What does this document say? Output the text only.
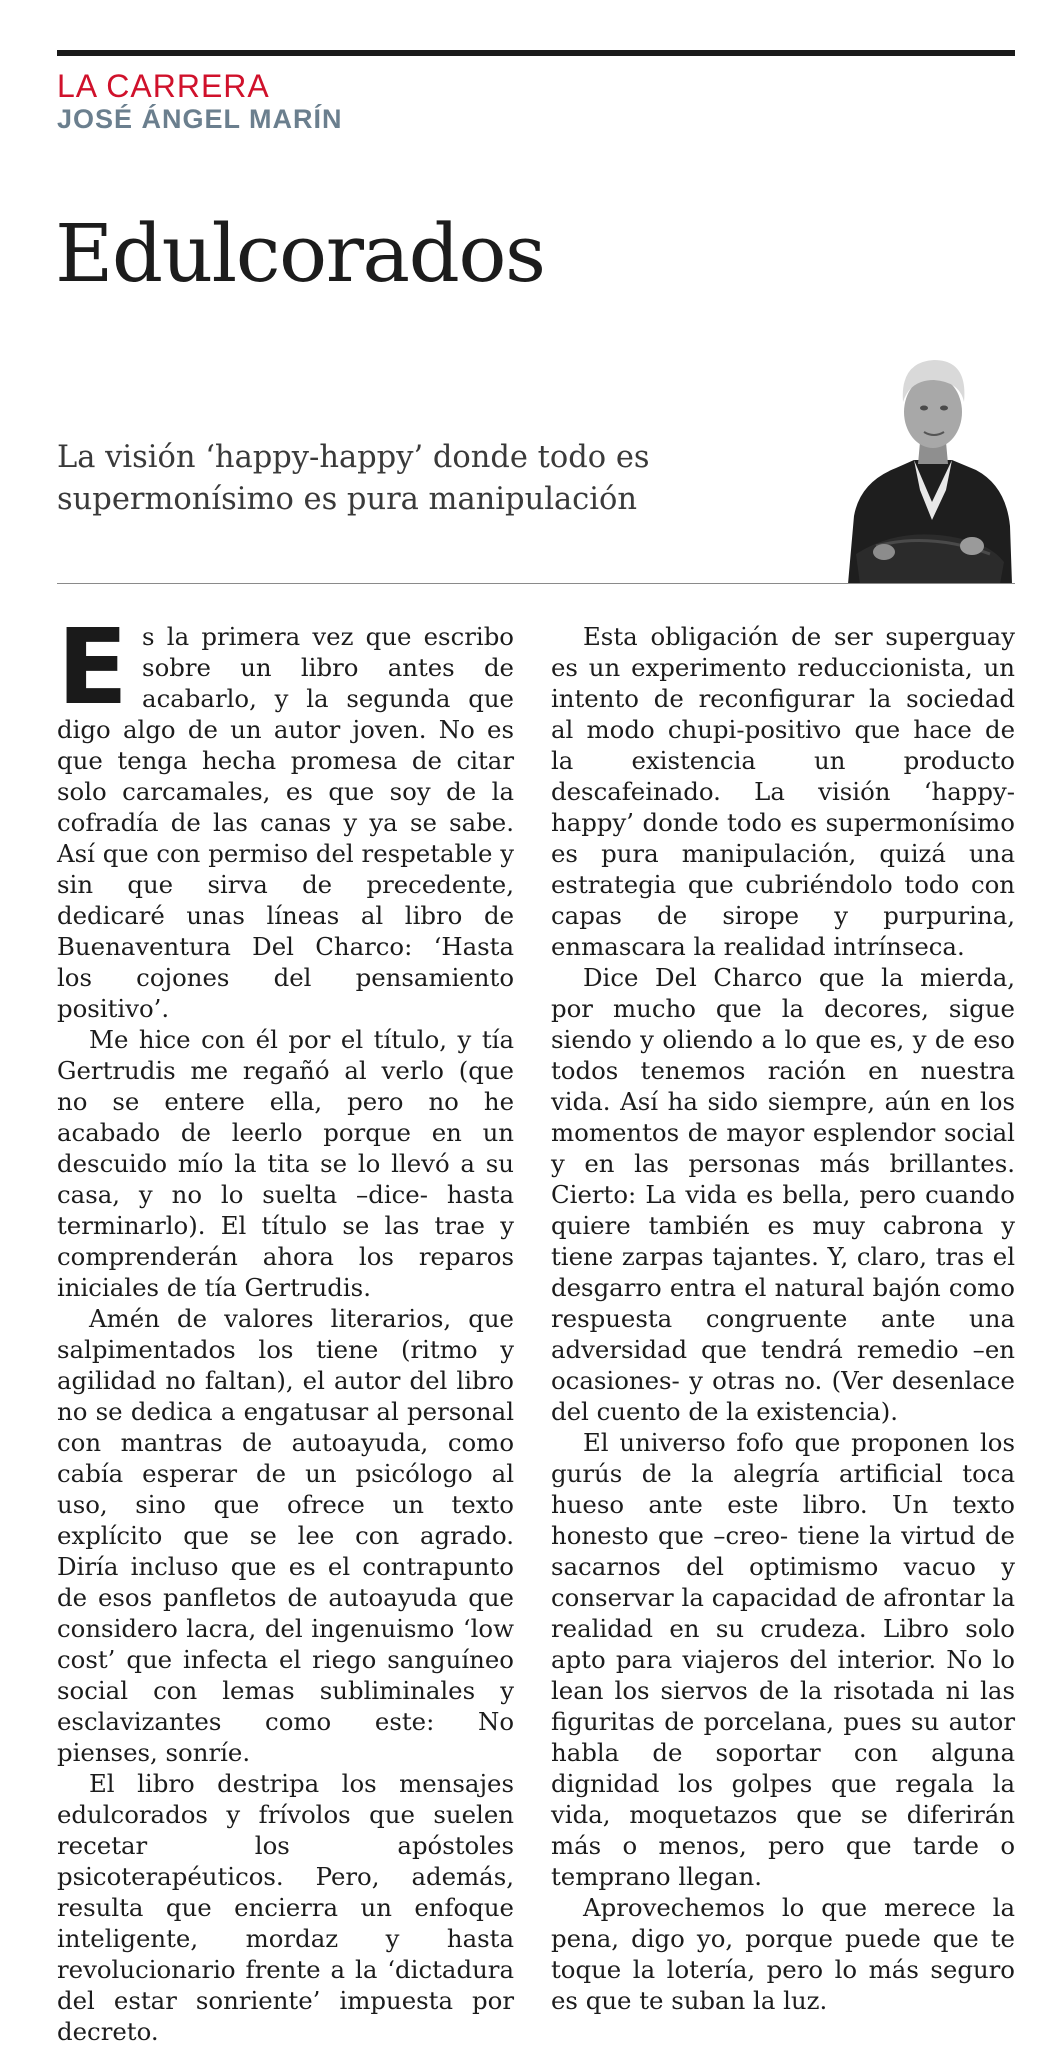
LA CARRERA
JOSÉ ÁNGEL MARÍN
Edulcorados

La visión ‘happy-happy’ donde todo es supermonísimo es pura manipulación

Es la primera vez que escribo sobre un libro antes de acabarlo, y la segunda que digo algo de un autor joven. No es que tenga hecha promesa de citar solo carcamales, es que soy de la cofradía de las canas y ya se sabe. Así que con permiso del respetable y sin que sirva de precedente, dedicaré unas líneas al libro de Buenaventura Del Charco: ‘Hasta los cojones del pensamiento positivo’.

Me hice con él por el título, y tía Gertrudis me regañó al verlo (que no se entere ella, pero no he acabado de leerlo porque en un descuido mío la tita se lo llevó a su casa, y no lo suelta –dice- hasta terminarlo). El título se las trae y comprenderán ahora los reparos iniciales de tía Gertrudis.

Amén de valores literarios, que salpimentados los tiene (ritmo y agilidad no faltan), el autor del libro no se dedica a engatusar al personal con mantras de autoayuda, como cabía esperar de un psicólogo al uso, sino que ofrece un texto explícito que se lee con agrado. Diría incluso que es el contrapunto de esos panfletos de autoayuda que considero lacra, del ingenuismo ‘low cost’ que infecta el riego sanguíneo social con lemas subliminales y esclavizantes como este: No pienses, sonríe.

El libro destripa los mensajes edulcorados y frívolos que suelen recetar los apóstoles psicoterapéuticos. Pero, además, resulta que encierra un enfoque inteligente, mordaz y hasta revolucionario frente a la ‘dictadura del estar sonriente’ impuesta por decreto.

Esta obligación de ser superguay es un experimento reduccionista, un intento de reconfigurar la sociedad al modo chupi-positivo que hace de la existencia un producto descafeinado. La visión ‘happy-happy’ donde todo es supermonísimo es pura manipulación, quizá una estrategia que cubriéndolo todo con capas de sirope y purpurina, enmascara la realidad intrínseca.

Dice Del Charco que la mierda, por mucho que la decores, sigue siendo y oliendo a lo que es, y de eso todos tenemos ración en nuestra vida. Así ha sido siempre, aún en los momentos de mayor esplendor social y en las personas más brillantes. Cierto: La vida es bella, pero cuando quiere también es muy cabrona y tiene zarpas tajantes. Y, claro, tras el desgarro entra el natural bajón como respuesta congruente ante una adversidad que tendrá remedio –en ocasiones- y otras no. (Ver desenlace del cuento de la existencia).

El universo fofo que proponen los gurús de la alegría artificial toca hueso ante este libro. Un texto honesto que –creo- tiene la virtud de sacarnos del optimismo vacuo y conservar la capacidad de afrontar la realidad en su crudeza. Libro solo apto para viajeros del interior. No lo lean los siervos de la risotada ni las figuritas de porcelana, pues su autor habla de soportar con alguna dignidad los golpes que regala la vida, moquetazos que se diferirán más o menos, pero que tarde o temprano llegan.

Aprovechemos lo que merece la pena, digo yo, porque puede que te toque la lotería, pero lo más seguro es que te suban la luz.
